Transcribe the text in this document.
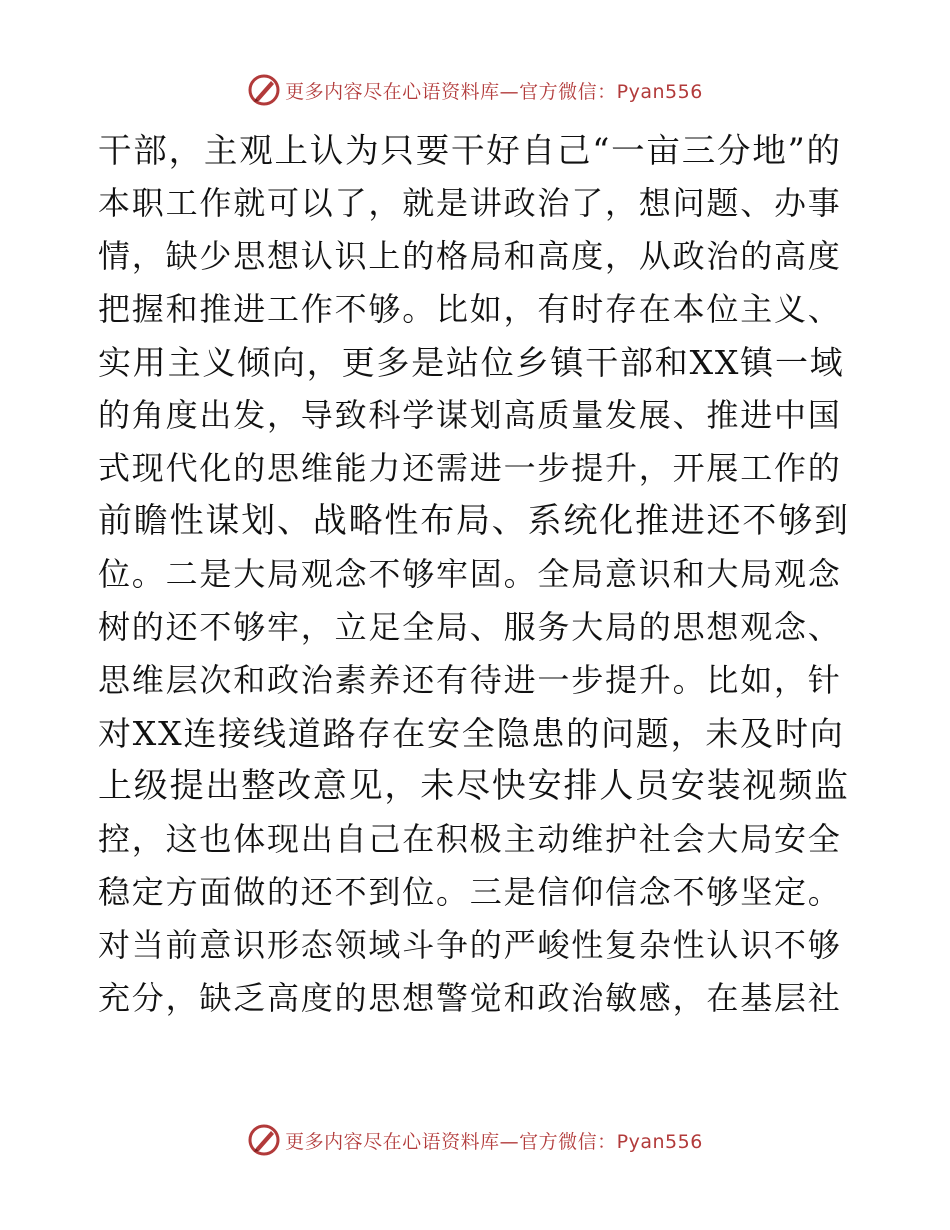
更多内容尽在心语资料库—官方微信：Pyan556
干部，主观上认为只要干好自己“一亩三分地”的
本职工作就可以了，就是讲政治了，想问题、办事
情，缺少思想认识上的格局和高度，从政治的高度
把握和推进工作不够。比如，有时存在本位主义、
实用主义倾向，更多是站位乡镇干部和XX镇一域
的角度出发，导致科学谋划高质量发展、推进中国
式现代化的思维能力还需进一步提升，开展工作的
前瞻性谋划、战略性布局、系统化推进还不够到
位。二是大局观念不够牢固。全局意识和大局观念
树的还不够牢，立足全局、服务大局的思想观念、
思维层次和政治素养还有待进一步提升。比如，针
对XX连接线道路存在安全隐患的问题，未及时向
上级提出整改意见，未尽快安排人员安装视频监
控，这也体现出自己在积极主动维护社会大局安全
稳定方面做的还不到位。三是信仰信念不够坚定。
对当前意识形态领域斗争的严峻性复杂性认识不够
充分，缺乏高度的思想警觉和政治敏感，在基层社
更多内容尽在心语资料库—官方微信：Pyan556
